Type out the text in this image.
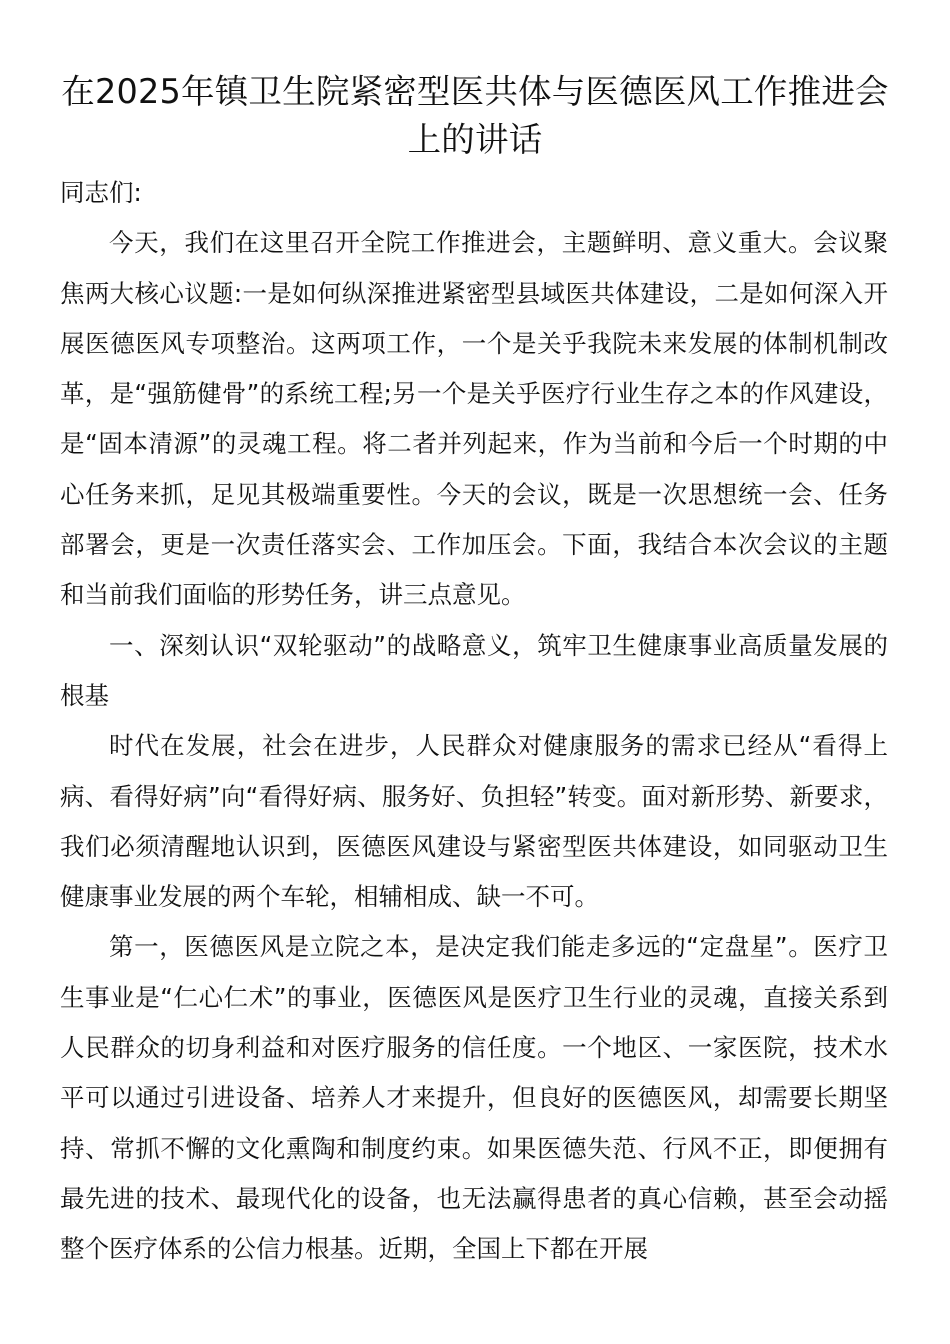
在2025年镇卫生院紧密型医共体与医德医风工作推进会上的讲话

同志们:

今天，我们在这里召开全院工作推进会，主题鲜明、意义重大。会议聚焦两大核心议题:一是如何纵深推进紧密型县域医共体建设，二是如何深入开展医德医风专项整治。这两项工作，一个是关乎我院未来发展的体制机制改革，是“强筋健骨”的系统工程;另一个是关乎医疗行业生存之本的作风建设，是“固本清源”的灵魂工程。将二者并列起来，作为当前和今后一个时期的中心任务来抓，足见其极端重要性。今天的会议，既是一次思想统一会、任务部署会，更是一次责任落实会、工作加压会。下面，我结合本次会议的主题和当前我们面临的形势任务，讲三点意见。

一、深刻认识“双轮驱动”的战略意义，筑牢卫生健康事业高质量发展的根基

时代在发展，社会在进步，人民群众对健康服务的需求已经从“看得上病、看得好病”向“看得好病、服务好、负担轻”转变。面对新形势、新要求，我们必须清醒地认识到，医德医风建设与紧密型医共体建设，如同驱动卫生健康事业发展的两个车轮，相辅相成、缺一不可。

第一，医德医风是立院之本，是决定我们能走多远的“定盘星”。医疗卫生事业是“仁心仁术”的事业，医德医风是医疗卫生行业的灵魂，直接关系到人民群众的切身利益和对医疗服务的信任度。一个地区、一家医院，技术水平可以通过引进设备、培养人才来提升，但良好的医德医风，却需要长期坚持、常抓不懈的文化熏陶和制度约束。如果医德失范、行风不正，即便拥有最先进的技术、最现代化的设备，也无法赢得患者的真心信赖，甚至会动摇整个医疗体系的公信力根基。近期，全国上下都在开展
